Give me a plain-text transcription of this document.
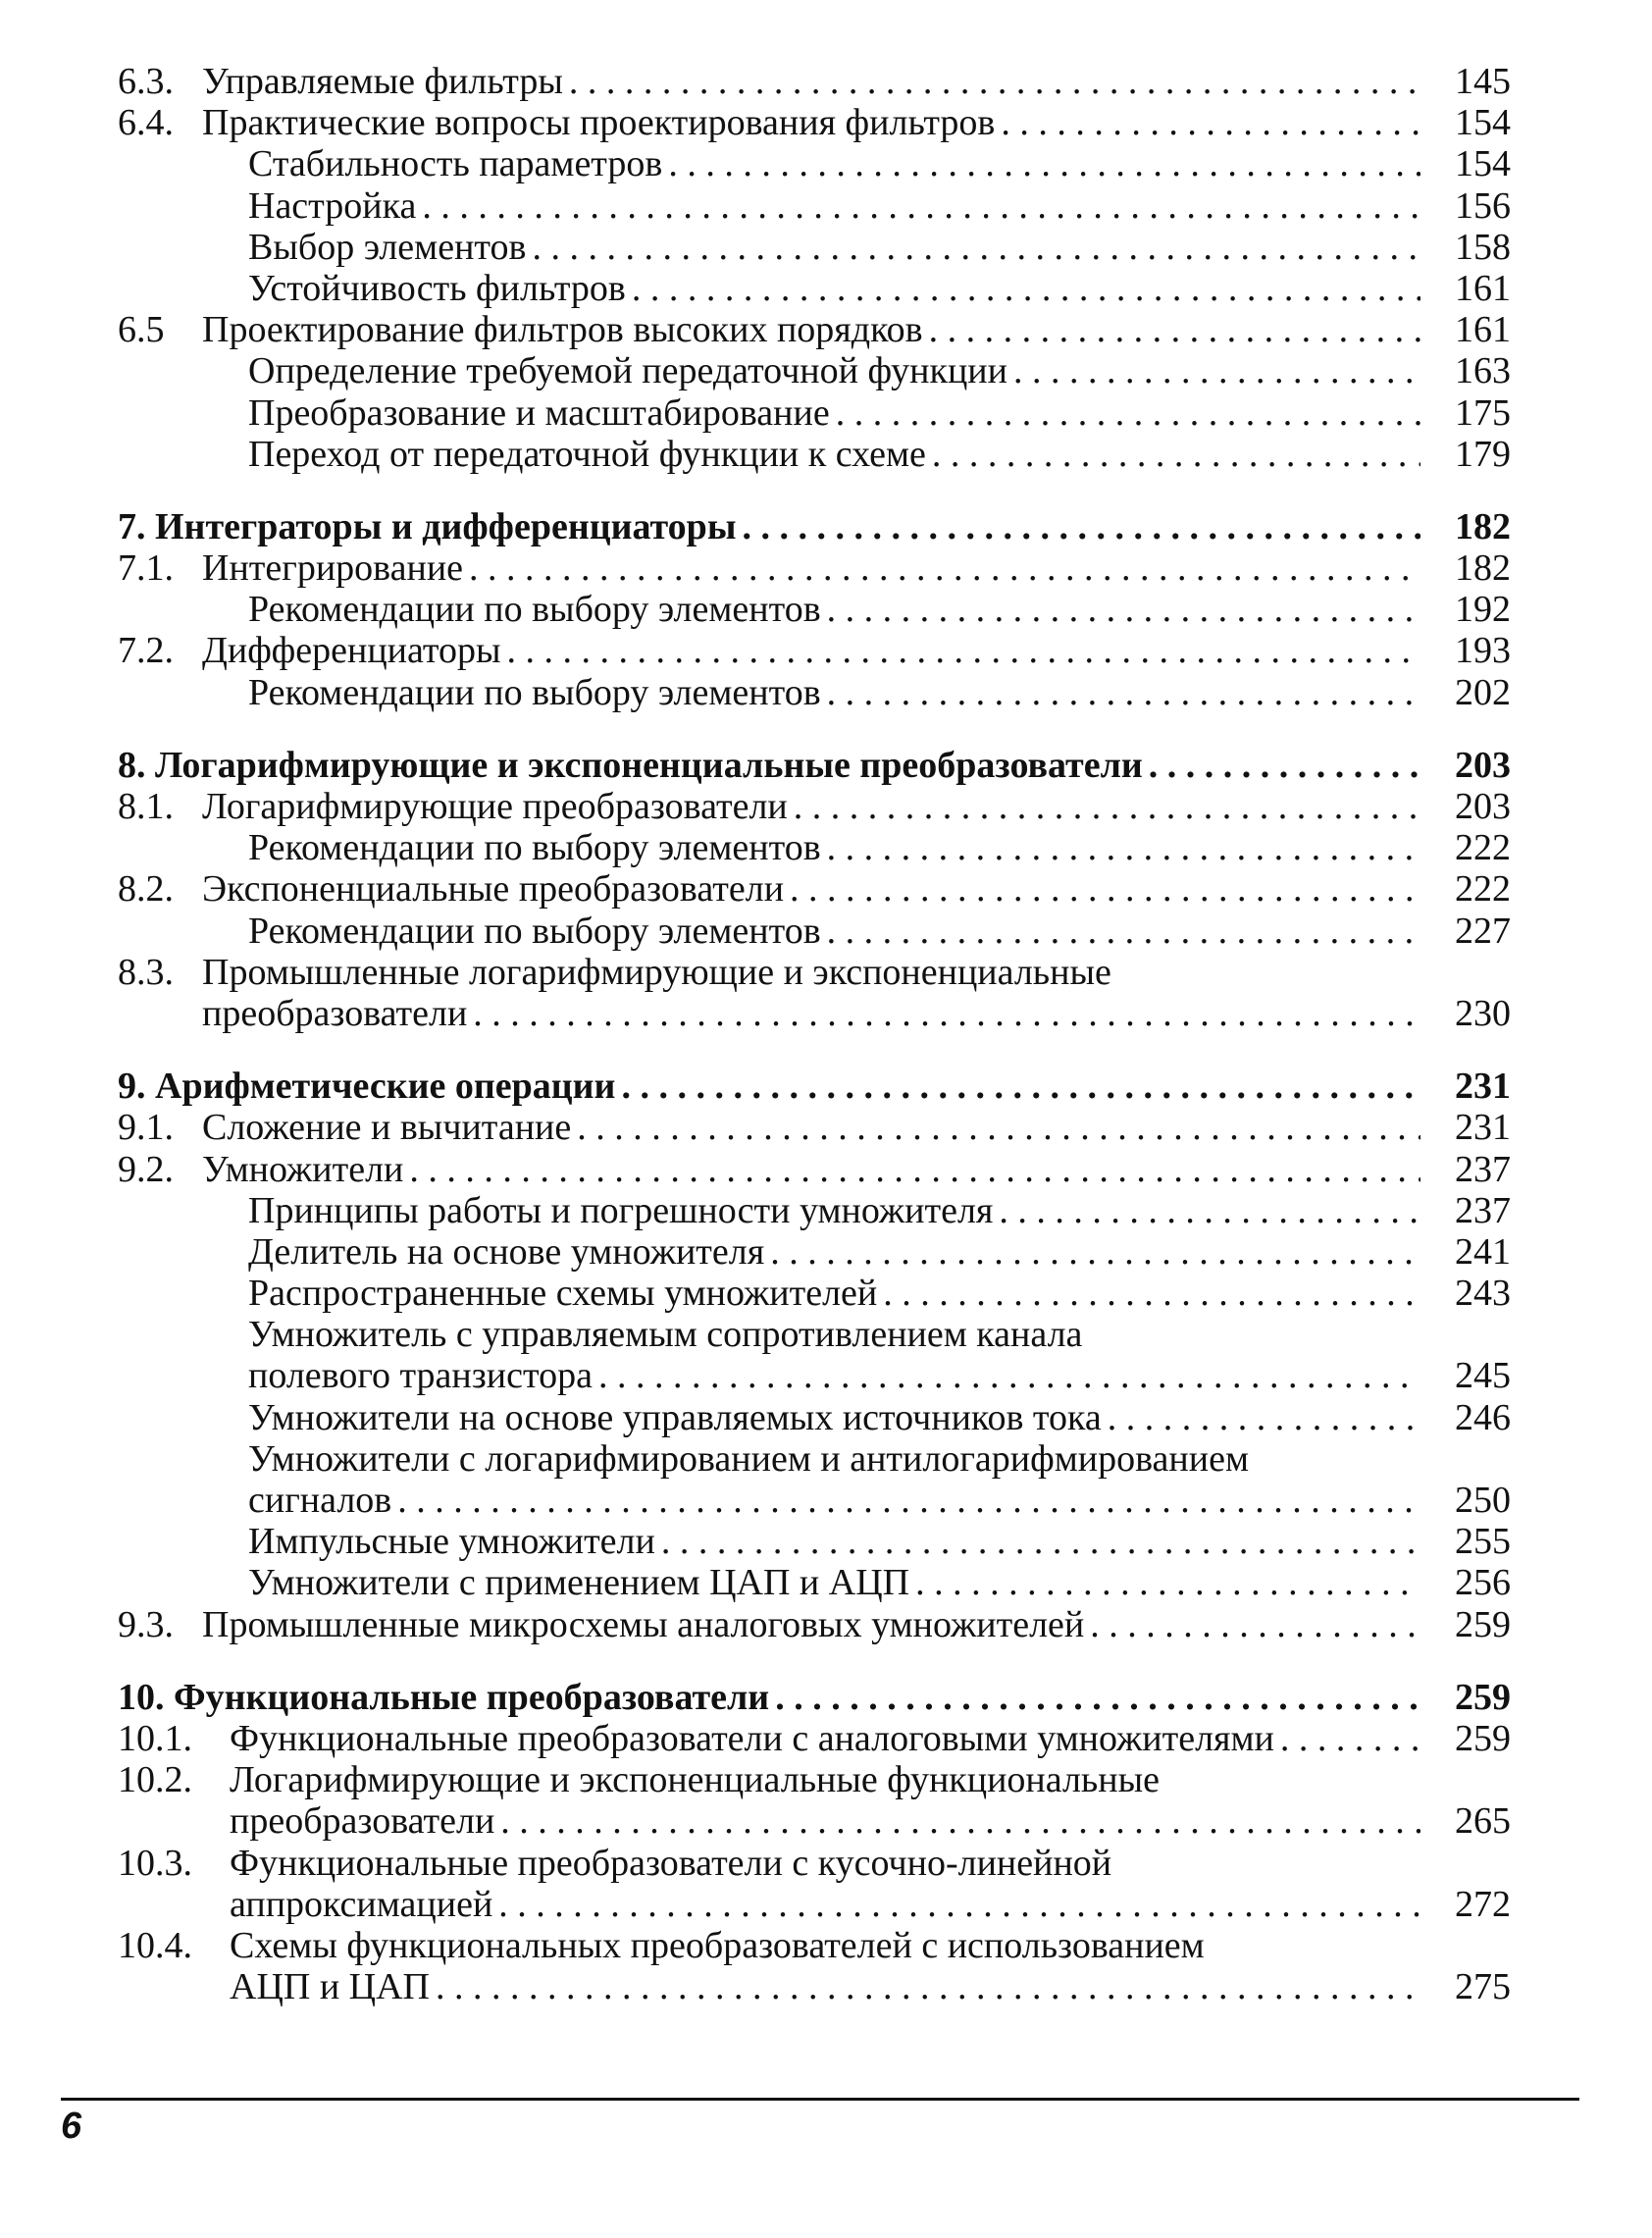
6.3. Управляемые фильтры . . .	145
6.4. Практические вопросы проектирования фильтров . . .	154
Стабильность параметров . . .	154
Настройка . . .	156
Выбор элементов . . .	158
Устойчивость фильтров . . .	161
6.5 Проектирование фильтров высоких порядков . . .	161
Определение требуемой передаточной функции . . .	163
Преобразование и масштабирование . . .	175
Переход от передаточной функции к схеме . . .	179
7. Интеграторы и дифференциаторы . . .	182
7.1. Интегрирование . . .	182
Рекомендации по выбору элементов . . .	192
7.2. Дифференциаторы . . .	193
Рекомендации по выбору элементов . . .	202
8. Логарифмирующие и экспоненциальные преобразователи . . .	203
8.1. Логарифмирующие преобразователи . . .	203
Рекомендации по выбору элементов . . .	222
8.2. Экспоненциальные преобразователи . . .	222
Рекомендации по выбору элементов . . .	227
8.3. Промышленные логарифмирующие и экспоненциальные
преобразователи . . .	230
9. Арифметические операции . . .	231
9.1. Сложение и вычитание . . .	231
9.2. Умножители . . .	237
Принципы работы и погрешности умножителя . . .	237
Делитель на основе умножителя . . .	241
Распространенные схемы умножителей . . .	243
Умножитель с управляемым сопротивлением канала
полевого транзистора . . .	245
Умножители на основе управляемых источников тока . . .	246
Умножители с логарифмированием и антилогарифмированием
сигналов . . .	250
Импульсные умножители . . .	255
Умножители с применением ЦАП и АЦП . . .	256
9.3. Промышленные микросхемы аналоговых умножителей . . .	259
10. Функциональные преобразователи . . .	259
10.1. Функциональные преобразователи с аналоговыми умножителями . . .	259
10.2. Логарифмирующие и экспоненциальные функциональные
преобразователи . . .	265
10.3. Функциональные преобразователи с кусочно-линейной
аппроксимацией . . .	272
10.4. Схемы функциональных преобразователей с использованием
АЦП и ЦАП . . .	275
6
